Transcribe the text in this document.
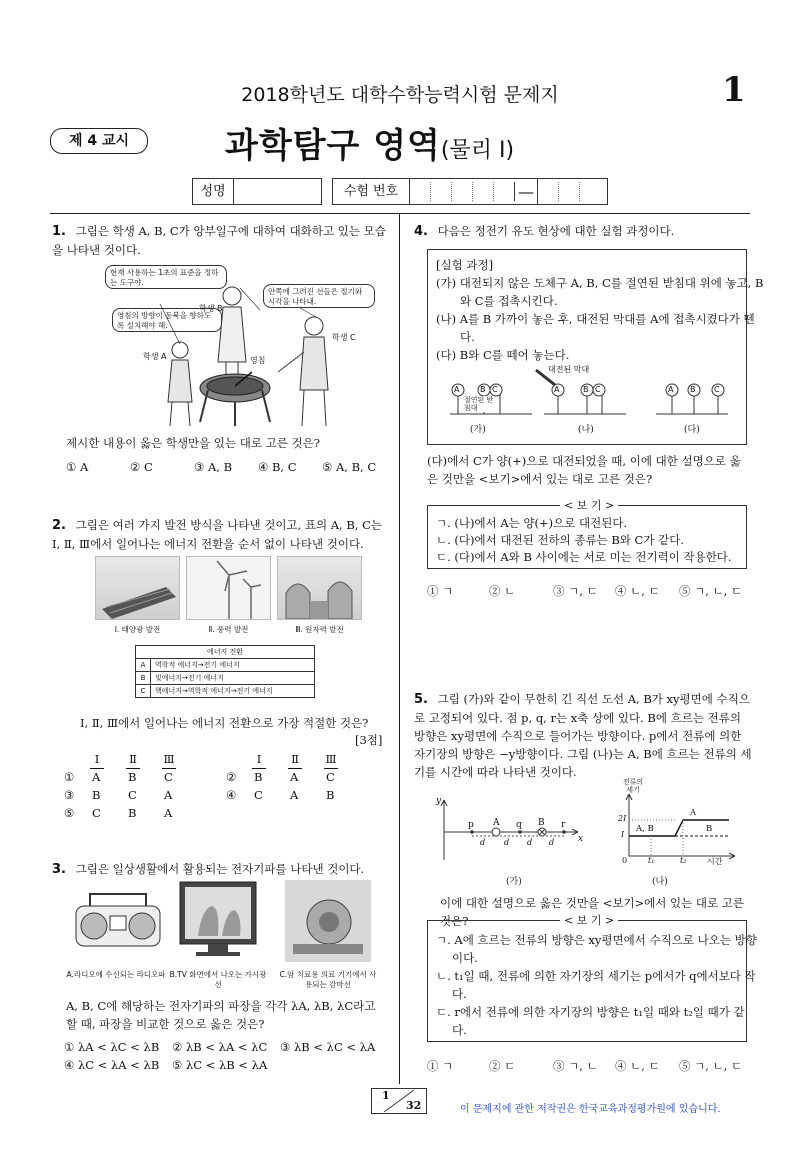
2018학년도 대학수학능력시험 문제지	1
제 4 교시	과학탐구 영역(물리 I)
성명	수험 번호	—
1. 그림은 학생 A, B, C가 앙부일구에 대하여 대화하고 있는 모습을 나타낸 것이다.
현재 사용하는 1초의 표준을 정하는 도구야.
영침의 방향이 동북을 향하도록 설치해야 해.
안쪽에 그려진 선들은 절기와 시각을 나타내.
학생 A
학생 B
학생 C
영침
제시한 내용이 옳은 학생만을 있는 대로 고른 것은?
① A	② C	③ A, B ④ B, C ⑤ A, B, C
2. 그림은 여러 가지 발전 방식을 나타낸 것이고, 표의 A, B, C는 Ⅰ, Ⅱ, Ⅲ에서 일어나는 에너지 전환을 순서 없이 나타낸 것이다.
Ⅰ. 태양광 발전	Ⅱ. 풍력 발전	Ⅲ. 원자력 발전
에너지 전환	
A	역학적 에너지→전기 에너지
B	빛에너지→전기 에너지
C	핵에너지→역학적 에너지→전기 에너지
Ⅰ, Ⅱ, Ⅲ에서 일어나는 에너지 전환으로 가장 적절한 것은?
[3점]
Ⅰ	Ⅱ Ⅲ	Ⅰ	Ⅱ Ⅲ
① A B C	② B A C
③ B C A	④ C A B
⑤ C B A
3. 그림은 일상생활에서 활용되는 전자기파를 나타낸 것이다.
A.라디오에 수신되는 라디오파 B.TV 화면에서 나오는 가시광선
C.암 치료용 의료 기기에서 사용되는 감마선
A, B, C에 해당하는 전자기파의 파장을 각각 λA, λB, λC라고 할 때, 파장을 비교한 것으로 옳은 것은?
① λA < λC < λB ② λB < λA < λC ③ λB < λC < λA
④ λC < λA < λB ⑤ λC < λB < λA
4. 다음은 정전기 유도 현상에 대한 실험 과정이다.
[실험 과정]
(가) 대전되지 않은 도체구 A, B, C를 절연된 받침대 위에 놓고, B와 C를 접촉시킨다.
(나) A를 B 가까이 놓은 후, 대전된 막대를 A에 접촉시켰다가 뗀다.
(다) B와 C를 떼어 놓는다.
A	B C	A	B C	A B C
대전된 막대
절연된 받침대
(가)	(나)	(다)
(다)에서 C가 양(+)으로 대전되었을 때, 이에 대한 설명으로 옳은 것만을 <보기>에서 있는 대로 고른 것은?
< 보 기 >
ㄱ. (나)에서 A는 양(+)으로 대전된다.
ㄴ. (다)에서 대전된 전하의 종류는 B와 C가 같다.
ㄷ. (다)에서 A와 B 사이에는 서로 미는 전기력이 작용한다.
① ㄱ	② ㄴ	③ ㄱ, ㄷ ④ ㄴ, ㄷ ⑤ ㄱ, ㄴ, ㄷ
5. 그림 (가)와 같이 무한히 긴 직선 도선 A, B가 xy평면에 수직으로 고정되어 있다. 점 p, q, r는 x축 상에 있다. B에 흐르는 전류의 방향은 xy평면에 수직으로 들어가는 방향이다. p에서 전류에 의한 자기장의 방향은 −y방향이다. 그림 (나)는 A, B에 흐르는 전류의 세기를 시간에 따라 나타낸 것이다.
y
x
p A q B r
d d d d
(가)
전류의 세기
2I
I
0	t₁	t₂	시간
A
A, B	B
(나)
이에 대한 설명으로 옳은 것만을 <보기>에서 있는 대로 고른 것은?	< 보 기 >
ㄱ. A에 흐르는 전류의 방향은 xy평면에서 수직으로 나오는 방향이다.
ㄴ. t₁일 때, 전류에 의한 자기장의 세기는 p에서가 q에서보다 작다.
ㄷ. r에서 전류에 의한 자기장의 방향은 t₁일 때와 t₂일 때가 같다.
① ㄱ	② ㄷ	③ ㄱ, ㄴ ④ ㄴ, ㄷ ⑤ ㄱ, ㄴ, ㄷ
1
32	이 문제지에 관한 저작권은 한국교육과정평가원에 있습니다.
